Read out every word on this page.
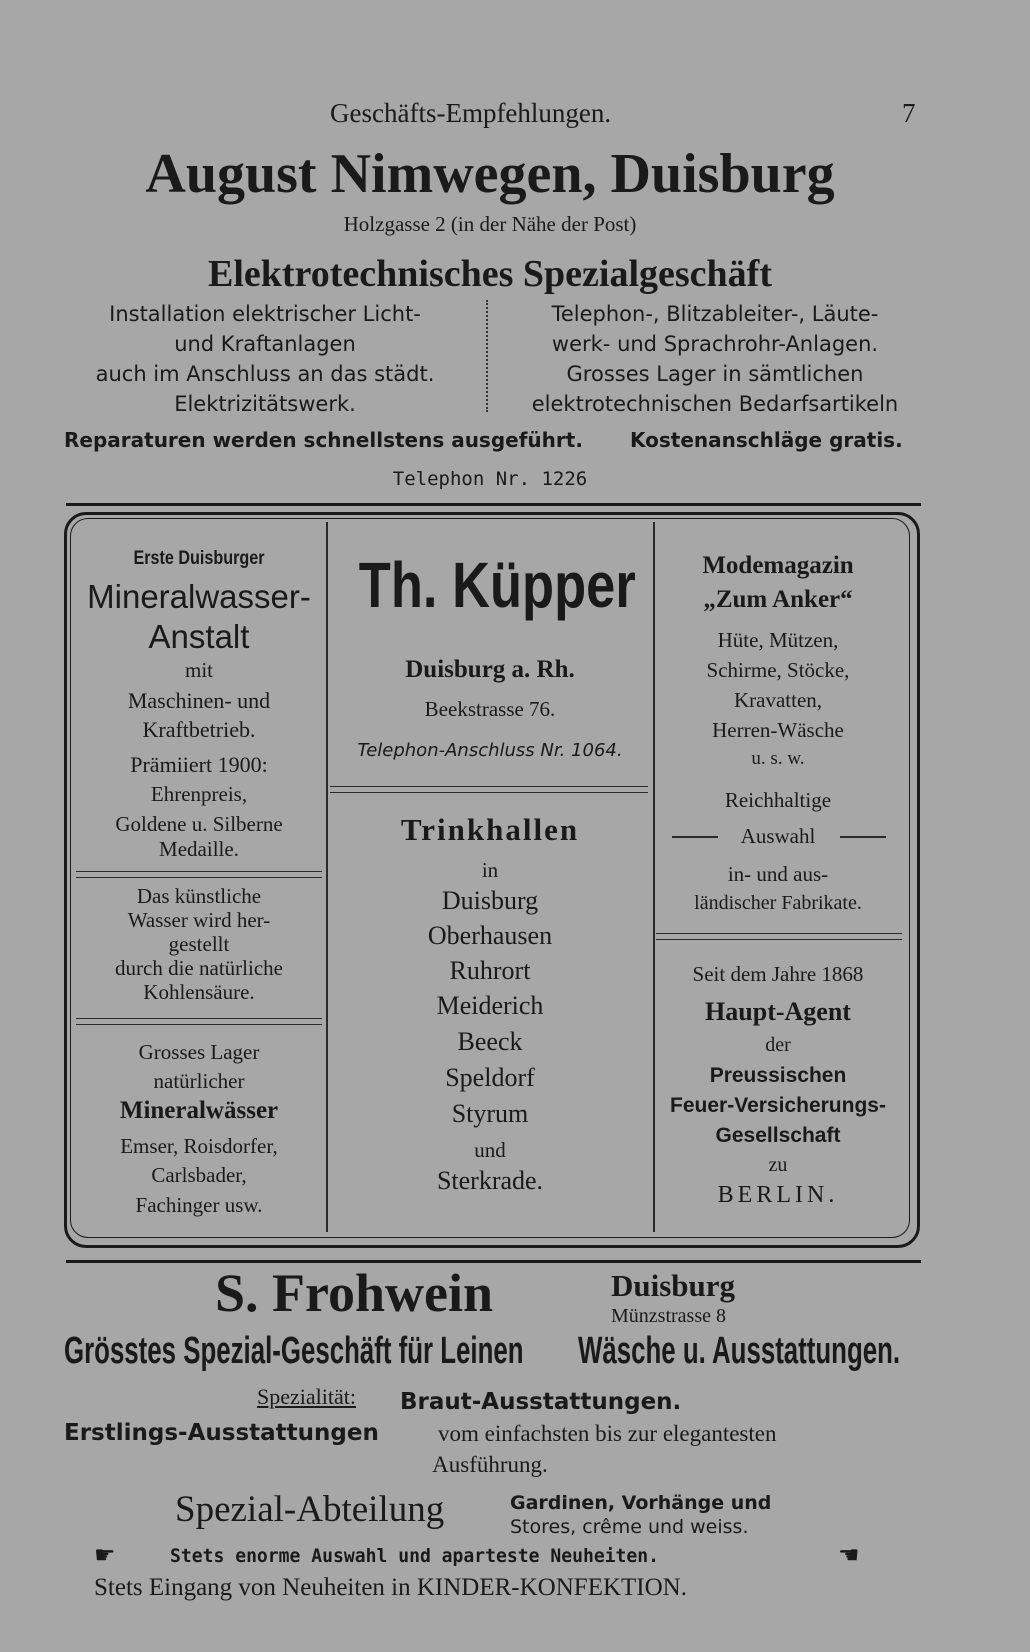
Geschäfts-Empfehlungen.	7
August Nimwegen, Duisburg
Holzgasse 2 (in der Nähe der Post)
Elektrotechnisches Spezialgeschäft
Installation elektrischer Licht-
und Kraftanlagen
auch im Anschluss an das städt.
Elektrizitätswerk.
Telephon-, Blitzableiter-, Läute-
werk- und Sprachrohr-Anlagen.
Grosses Lager in sämtlichen
elektrotechnischen Bedarfsartikeln
Reparaturen werden schnellstens ausgeführt. Kostenanschläge gratis.
Telephon Nr. 1226
Erste Duisburger
Mineralwasser-
Anstalt
mit
Maschinen- und
Kraftbetrieb.
Prämiiert 1900:
Ehrenpreis,
Goldene u. Silberne
Medaille.
Das künstliche
Wasser wird her-
gestellt
durch die natürliche
Kohlensäure.
Grosses Lager
natürlicher
Mineralwässer
Emser, Roisdorfer,
Carlsbader,
Fachinger usw.
Th. Küpper
Duisburg a. Rh.
Beekstrasse 76.
Telephon-Anschluss Nr. 1064.
Trinkhallen
in
Duisburg
Oberhausen
Ruhrort
Meiderich
Beeck
Speldorf
Styrum
und
Sterkrade.
Modemagazin
„Zum Anker“
Hüte, Mützen,
Schirme, Stöcke,
Kravatten,
Herren-Wäsche
u. s. w.
Reichhaltige
Auswahl
in- und aus-
ländischer Fabrikate.
Seit dem Jahre 1868
Haupt-Agent
der
Preussischen
Feuer-Versicherungs-
Gesellschaft
zu
BERLIN.
S. Frohwein	Duisburg
Münzstrasse 8
Grösstes Spezial-Geschäft für Leinen Wäsche u. Ausstattungen.
Spezialität: Braut-Ausstattungen.
Erstlings-Ausstattungen	vom einfachsten bis zur elegantesten
Ausführung.
Spezial-Abteilung	Gardinen, Vorhänge und
Stores, crême und weiss.
☛	Stets enorme Auswahl und aparteste Neuheiten.	☚
Stets Eingang von Neuheiten in KINDER-KONFEKTION.
